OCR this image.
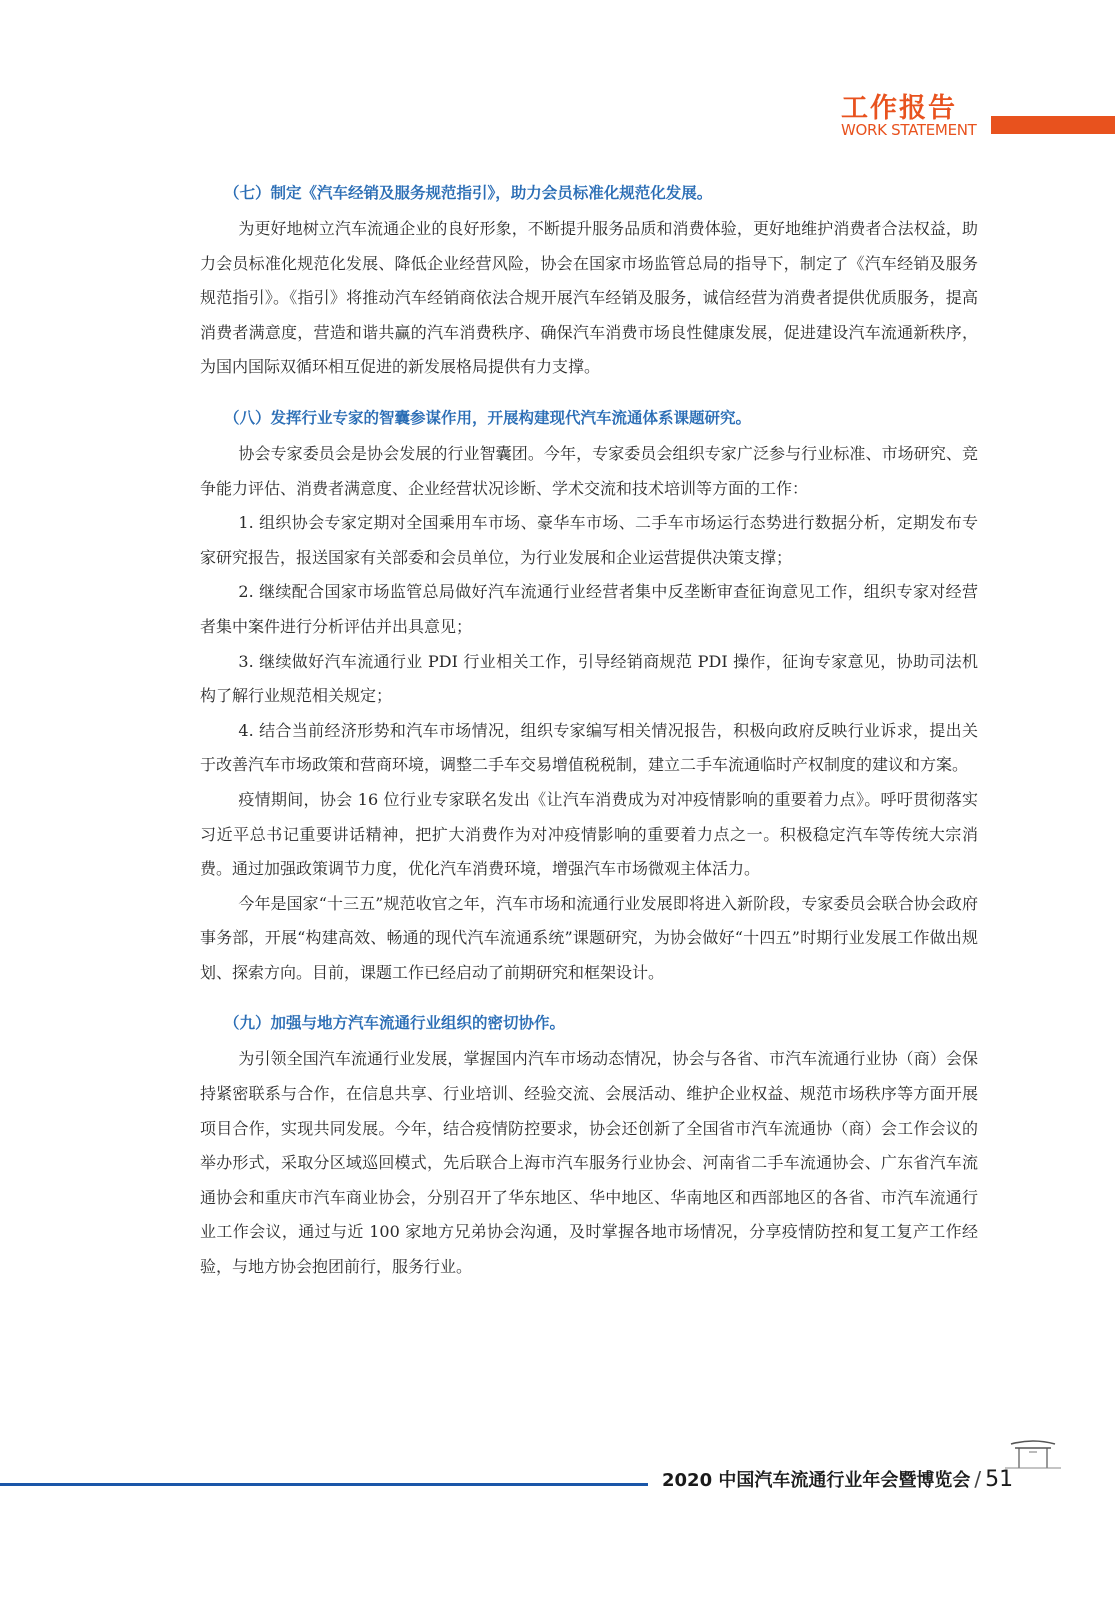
工作报告
WORK STATEMENT
（七）制定《汽车经销及服务规范指引》，助力会员标准化规范化发展。

为更好地树立汽车流通企业的良好形象，不断提升服务品质和消费体验，更好地维护消费者合法权益，助力会员标准化规范化发展、降低企业经营风险，协会在国家市场监管总局的指导下，制定了《汽车经销及服务规范指引》。《指引》将推动汽车经销商依法合规开展汽车经销及服务，诚信经营为消费者提供优质服务，提高消费者满意度，营造和谐共赢的汽车消费秩序、确保汽车消费市场良性健康发展，促进建设汽车流通新秩序，为国内国际双循环相互促进的新发展格局提供有力支撑。

（八）发挥行业专家的智囊参谋作用，开展构建现代汽车流通体系课题研究。

协会专家委员会是协会发展的行业智囊团。今年，专家委员会组织专家广泛参与行业标准、市场研究、竞争能力评估、消费者满意度、企业经营状况诊断、学术交流和技术培训等方面的工作：

1. 组织协会专家定期对全国乘用车市场、豪华车市场、二手车市场运行态势进行数据分析，定期发布专家研究报告，报送国家有关部委和会员单位，为行业发展和企业运营提供决策支撑；

2. 继续配合国家市场监管总局做好汽车流通行业经营者集中反垄断审查征询意见工作，组织专家对经营者集中案件进行分析评估并出具意见；

3. 继续做好汽车流通行业 PDI 行业相关工作，引导经销商规范 PDI 操作，征询专家意见，协助司法机构了解行业规范相关规定；

4. 结合当前经济形势和汽车市场情况，组织专家编写相关情况报告，积极向政府反映行业诉求，提出关于改善汽车市场政策和营商环境，调整二手车交易增值税税制，建立二手车流通临时产权制度的建议和方案。

疫情期间，协会 16 位行业专家联名发出《让汽车消费成为对冲疫情影响的重要着力点》。呼吁贯彻落实习近平总书记重要讲话精神，把扩大消费作为对冲疫情影响的重要着力点之一。积极稳定汽车等传统大宗消费。通过加强政策调节力度，优化汽车消费环境，增强汽车市场微观主体活力。

今年是国家“十三五”规范收官之年，汽车市场和流通行业发展即将进入新阶段，专家委员会联合协会政府事务部，开展“构建高效、畅通的现代汽车流通系统”课题研究，为协会做好“十四五”时期行业发展工作做出规划、探索方向。目前，课题工作已经启动了前期研究和框架设计。

（九）加强与地方汽车流通行业组织的密切协作。

为引领全国汽车流通行业发展，掌握国内汽车市场动态情况，协会与各省、市汽车流通行业协（商）会保持紧密联系与合作，在信息共享、行业培训、经验交流、会展活动、维护企业权益、规范市场秩序等方面开展项目合作，实现共同发展。今年，结合疫情防控要求，协会还创新了全国省市汽车流通协（商）会工作会议的举办形式，采取分区域巡回模式，先后联合上海市汽车服务行业协会、河南省二手车流通协会、广东省汽车流通协会和重庆市汽车商业协会，分别召开了华东地区、华中地区、华南地区和西部地区的各省、市汽车流通行业工作会议，通过与近 100 家地方兄弟协会沟通，及时掌握各地市场情况，分享疫情防控和复工复产工作经验，与地方协会抱团前行，服务行业。

2020 中国汽车流通行业年会暨博览会 / 51
